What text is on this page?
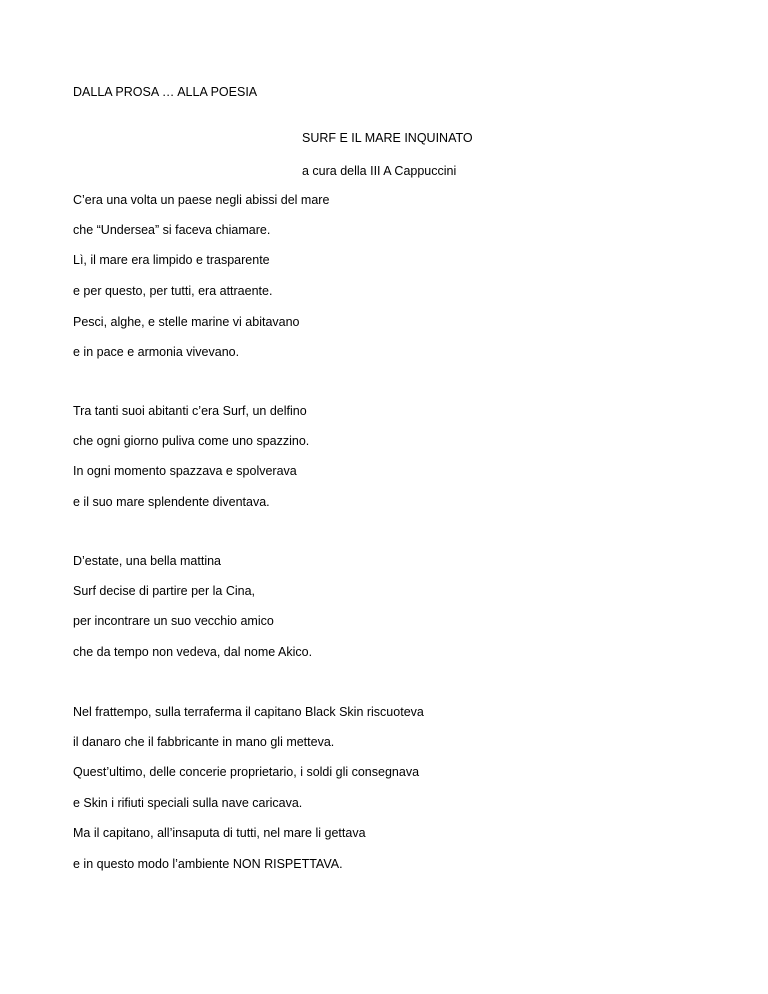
DALLA PROSA … ALLA POESIA
SURF E IL MARE INQUINATO
a cura della III A Cappuccini
C’era una volta un paese negli abissi del mare
che “Undersea” si faceva chiamare.
Lì, il mare era limpido e trasparente
e per questo, per tutti, era attraente.
Pesci, alghe, e stelle marine vi abitavano
e in pace e armonia vivevano.
Tra tanti suoi abitanti c’era Surf, un delfino
che ogni giorno puliva come uno spazzino.
In ogni momento spazzava e spolverava
e il suo mare splendente diventava.
D’estate, una bella mattina
Surf decise di partire per la Cina,
per incontrare un suo vecchio amico
che da tempo non vedeva, dal nome Akico.
Nel frattempo, sulla terraferma il capitano Black Skin riscuoteva
il danaro che il fabbricante in mano gli metteva.
Quest’ultimo, delle concerie proprietario, i soldi gli consegnava
e Skin i rifiuti speciali sulla nave caricava.
Ma il capitano, all’insaputa di tutti, nel mare li gettava
e in questo modo l’ambiente NON RISPETTAVA.
